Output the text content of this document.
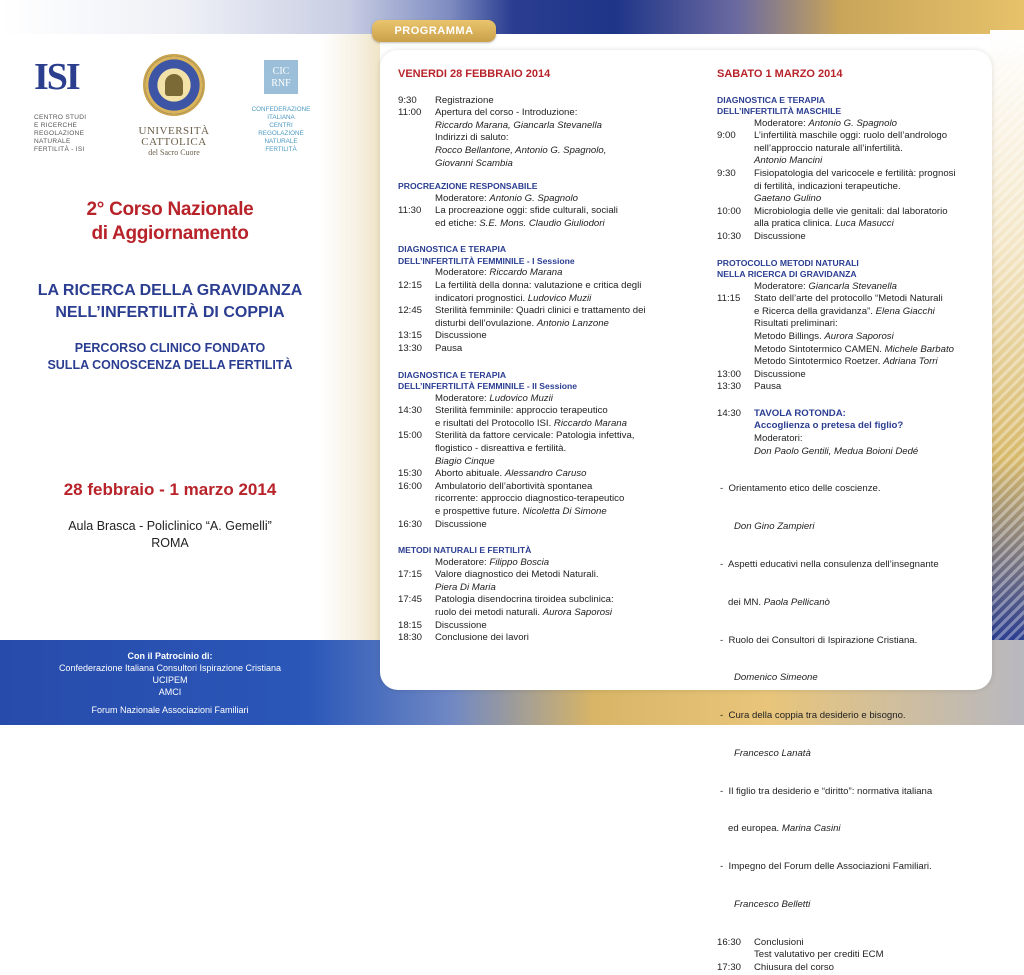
ISI
CENTRO STUDI
E RICERCHE
REGOLAZIONE
NATURALE
FERTILITÀ - ISI
UNIVERSITÀ
CATTOLICA
del Sacro Cuore
CIC
RNF
CONFEDERAZIONE
ITALIANA
CENTRI
REGOLAZIONE
NATURALE
FERTILITÀ
2° Corso Nazionale
di Aggiornamento
LA RICERCA DELLA GRAVIDANZA
NELL’INFERTILITÀ DI COPPIA
PERCORSO CLINICO FONDATO
SULLA CONOSCENZA DELLA FERTILITÀ
28 febbraio - 1 marzo 2014
Aula Brasca - Policlinico “A. Gemelli”
ROMA
Con il Patrocinio di:
Confederazione Italiana Consultori Ispirazione Cristiana
UCIPEM
AMCI
Forum Nazionale Associazioni Familiari
PROGRAMMA
VENERDI 28 FEBBRAIO 2014
9:30	Registrazione
11:00	Apertura del corso - Introduzione:
Riccardo Marana, Giancarla Stevanella
Indirizzi di saluto:
Rocco Bellantone, Antonio G. Spagnolo,
Giovanni Scambia
PROCREAZIONE RESPONSABILE
Moderatore: Antonio G. Spagnolo
11:30	La procreazione oggi: sfide culturali, sociali
ed etiche: S.E. Mons. Claudio Giuliodori
DIAGNOSTICA E TERAPIA
DELL’INFERTILITÀ FEMMINILE - I Sessione
Moderatore: Riccardo Marana
12:15	La fertilità della donna: valutazione e critica degli
indicatori prognostici. Ludovico Muzii
12:45	Sterilità femminile: Quadri clinici e trattamento dei
disturbi dell’ovulazione. Antonio Lanzone
13:15	Discussione
13:30	Pausa
DIAGNOSTICA E TERAPIA
DELL’INFERTILITÀ FEMMINILE - II Sessione
Moderatore: Ludovico Muzii
14:30	Sterilità femminile: approccio terapeutico
e risultati del Protocollo ISI. Riccardo Marana
15:00	Sterilità da fattore cervicale: Patologia infettiva,
flogistico - disreattiva e fertilità.
Biagio Cinque
15:30	Aborto abituale. Alessandro Caruso
16:00	Ambulatorio dell’abortività spontanea
ricorrente: approccio diagnostico-terapeutico
e prospettive future. Nicoletta Di Simone
16:30	Discussione
METODI NATURALI E FERTILITÀ
Moderatore: Filippo Boscia
17:15	Valore diagnostico dei Metodi Naturali.
Piera Di Maria
17:45	Patologia disendocrina tiroidea subclinica:
ruolo dei metodi naturali. Aurora Saporosi
18:15	Discussione
18:30	Conclusione dei lavori
SABATO 1 MARZO 2014
DIAGNOSTICA E TERAPIA
DELL’INFERTILITÀ MASCHILE
Moderatore: Antonio G. Spagnolo
9:00	L’infertilità maschile oggi: ruolo dell’andrologo
nell’approccio naturale all’infertilità.
Antonio Mancini
9:30	Fisiopatologia del varicocele e fertilità: prognosi
di fertilità, indicazioni terapeutiche.
Gaetano Gulino
10:00	Microbiologia delle vie genitali: dal laboratorio
alla pratica clinica. Luca Masucci
10:30	Discussione
PROTOCOLLO METODI NATURALI
NELLA RICERCA DI GRAVIDANZA
Moderatore: Giancarla Stevanella
11:15	Stato dell’arte del protocollo “Metodi Naturali
e Ricerca della gravidanza”. Elena Giacchi
Risultati preliminari:
Metodo Billings. Aurora Saporosi
Metodo Sintotermico CAMEN. Michele Barbato
Metodo Sintotermico Roetzer. Adriana Torri
13:00	Discussione
13:30	Pausa
14:30	TAVOLA ROTONDA:
Accoglienza o pretesa del figlio?
Moderatori:
Don Paolo Gentili, Medua Boioni Dedé

-  Orientamento etico delle coscienze.

Don Gino Zampieri

-  Aspetti educativi nella consulenza dell’insegnante

dei MN. Paola Pellicanò

-  Ruolo dei Consultori di Ispirazione Cristiana.

Domenico Simeone

-  Cura della coppia tra desiderio e bisogno.

Francesco Lanatà

-  Il figlio tra desiderio e “diritto”: normativa italiana

ed europea. Marina Casini

-  Impegno del Forum delle Associazioni Familiari.

Francesco Belletti

16:30	Conclusioni
Test valutativo per crediti ECM
17:30	Chiusura del corso
